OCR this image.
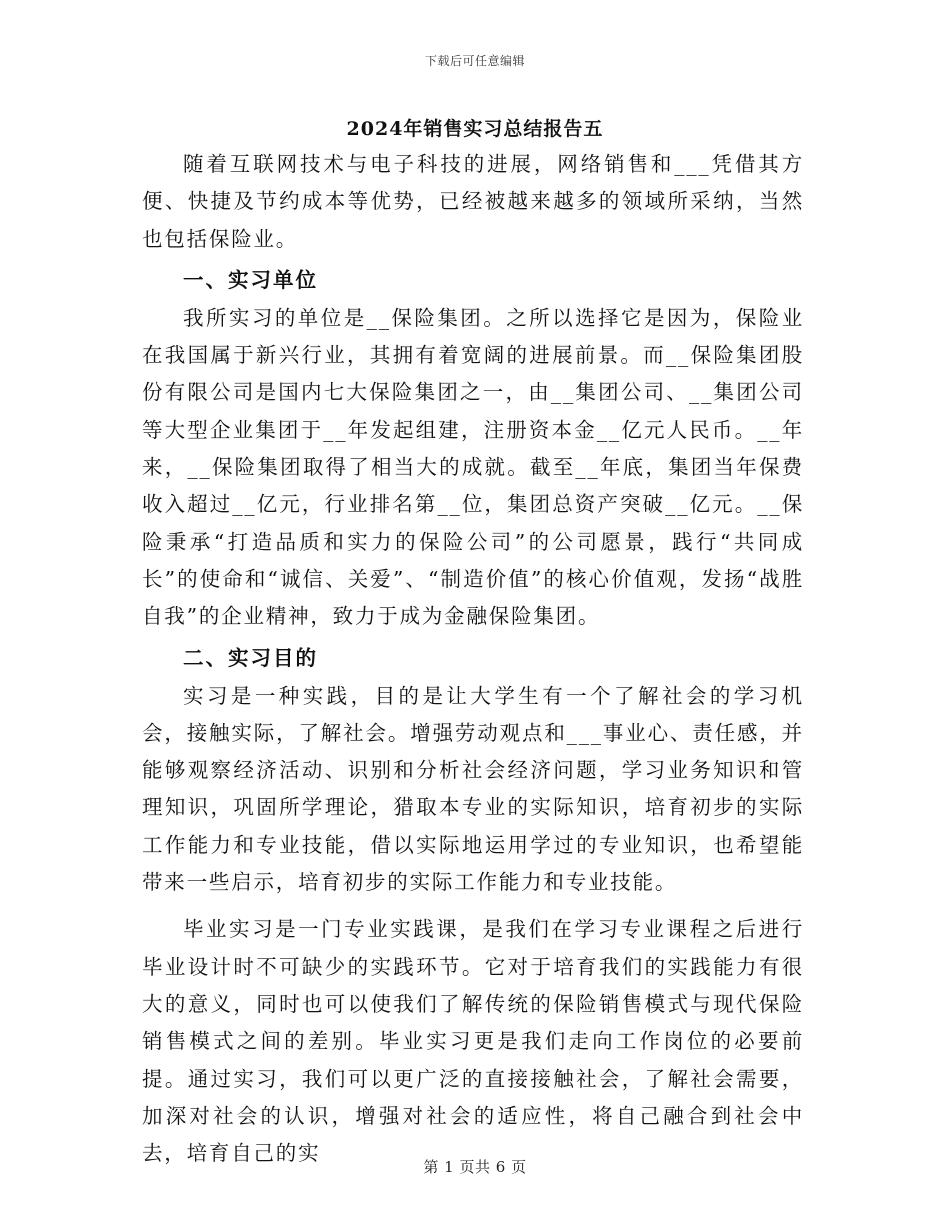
下载后可任意编辑
2024年销售实习总结报告五

随着互联网技术与电子科技的进展，网络销售和___凭借其方便、快捷及节约成本等优势，已经被越来越多的领域所采纳，当然也包括保险业。

一、实习单位

我所实习的单位是__保险集团。之所以选择它是因为，保险业在我国属于新兴行业，其拥有着宽阔的进展前景。而__保险集团股份有限公司是国内七大保险集团之一，由__集团公司、__集团公司等大型企业集团于__年发起组建，注册资本金__亿元人民币。__年来，__保险集团取得了相当大的成就。截至__年底，集团当年保费收入超过__亿元，行业排名第__位，集团总资产突破__亿元。__保险秉承“打造品质和实力的保险公司”的公司愿景，践行“共同成长”的使命和“诚信、关爱”、“制造价值”的核心价值观，发扬“战胜自我”的企业精神，致力于成为金融保险集团。

二、实习目的

实习是一种实践，目的是让大学生有一个了解社会的学习机会，接触实际，了解社会。增强劳动观点和___事业心、责任感，并能够观察经济活动、识别和分析社会经济问题，学习业务知识和管理知识，巩固所学理论，猎取本专业的实际知识，培育初步的实际工作能力和专业技能，借以实际地运用学过的专业知识，也希望能带来一些启示，培育初步的实际工作能力和专业技能。

毕业实习是一门专业实践课，是我们在学习专业课程之后进行毕业设计时不可缺少的实践环节。它对于培育我们的实践能力有很大的意义，同时也可以使我们了解传统的保险销售模式与现代保险销售模式之间的差别。毕业实习更是我们走向工作岗位的必要前提。通过实习，我们可以更广泛的直接接触社会，了解社会需要，加深对社会的认识，增强对社会的适应性，将自己融合到社会中去，培育自己的实

第 1 页共 6 页
